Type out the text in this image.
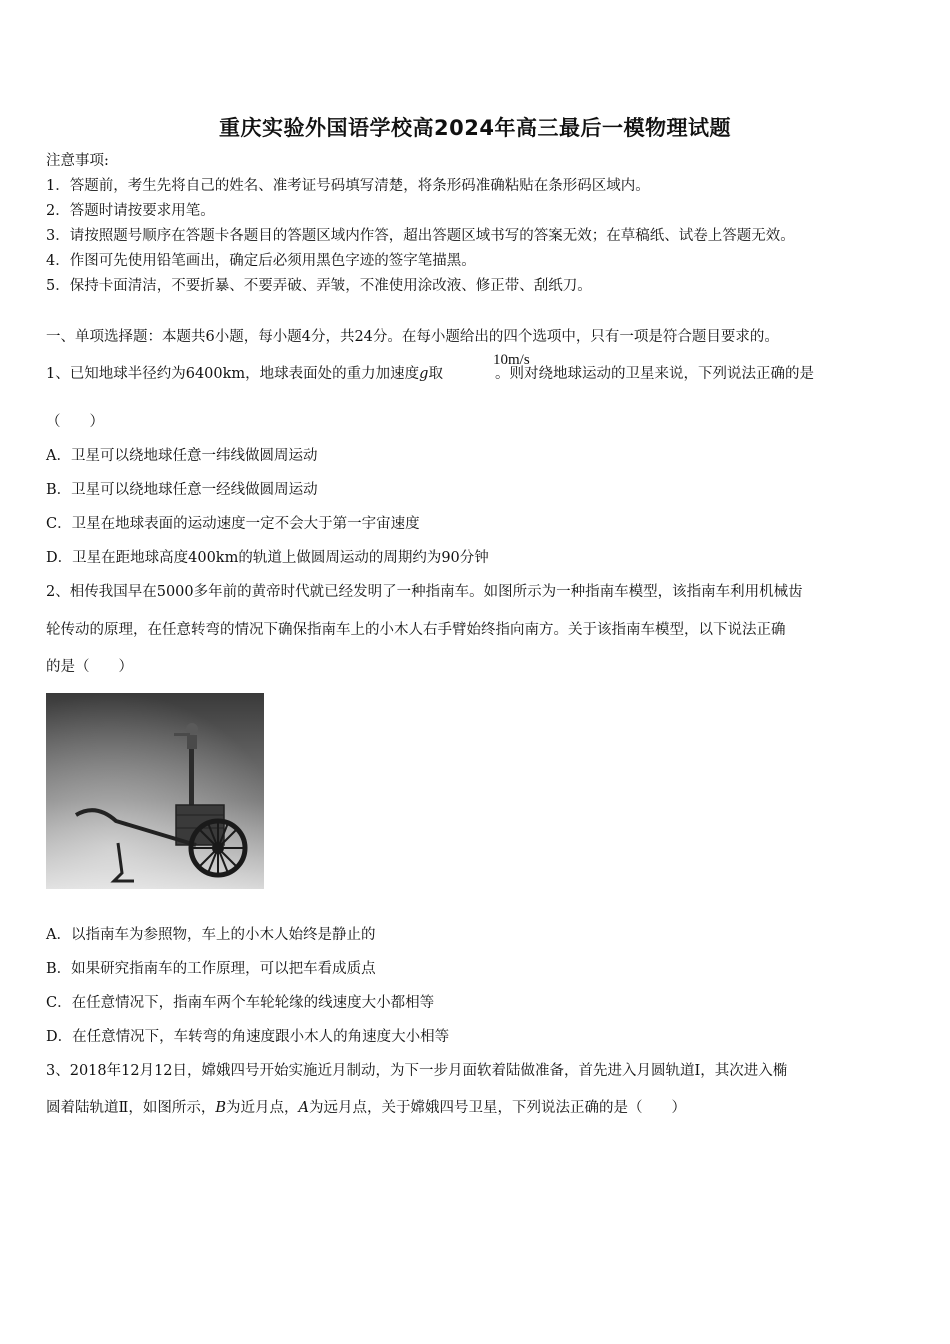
重庆实验外国语学校高2024年高三最后一模物理试题
注意事项:
1．答题前，考生先将自己的姓名、准考证号码填写清楚，将条形码准确粘贴在条形码区域内。
2．答题时请按要求用笔。
3．请按照题号顺序在答题卡各题目的答题区域内作答，超出答题区域书写的答案无效；在草稿纸、试卷上答题无效。
4．作图可先使用铅笔画出，确定后必须用黑色字迹的签字笔描黑。
5．保持卡面清洁，不要折暴、不要弄破、弄皱，不准使用涂改液、修正带、刮纸刀。
一、单项选择题：本题共6小题，每小题4分，共24分。在每小题给出的四个选项中，只有一项是符合题目要求的。
1、已知地球半径约为6400km，地球表面处的重力加速度g取	。则对绕地球运动的卫星来说，下列说法正确的是
10m/s
（　　）
A．卫星可以绕地球任意一纬线做圆周运动
B．卫星可以绕地球任意一经线做圆周运动
C．卫星在地球表面的运动速度一定不会大于第一宇宙速度
D．卫星在距地球高度400km的轨道上做圆周运动的周期约为90分钟
2、相传我国早在5000多年前的黄帝时代就已经发明了一种指南车。如图所示为一种指南车模型，该指南车利用机械齿
轮传动的原理，在任意转弯的情况下确保指南车上的小木人右手臂始终指向南方。关于该指南车模型，以下说法正确
的是（　　）
A．以指南车为参照物，车上的小木人始终是静止的
B．如果研究指南车的工作原理，可以把车看成质点
C．在任意情况下，指南车两个车轮轮缘的线速度大小都相等
D．在任意情况下，车转弯的角速度跟小木人的角速度大小相等
3、2018年12月12日，嫦娥四号开始实施近月制动，为下一步月面软着陆做准备，首先进入月圆轨道Ⅰ，其次进入椭
圆着陆轨道Ⅱ，如图所示，B为近月点，A为远月点，关于嫦娥四号卫星，下列说法正确的是（　　）
